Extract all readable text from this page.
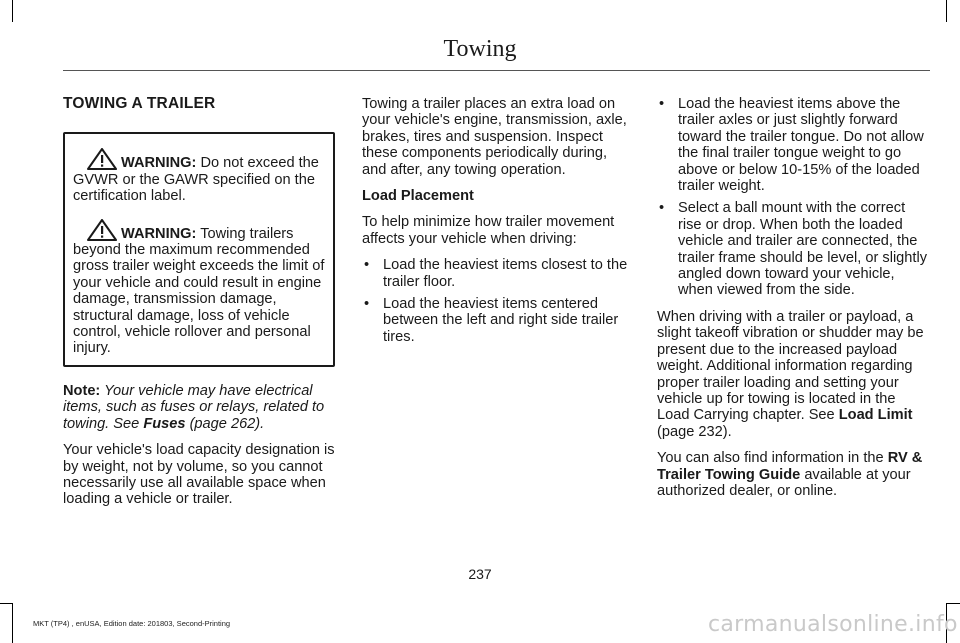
Towing
TOWING A TRAILER
WARNING: Do not exceed the GVWR or the GAWR specified on the certification label.
WARNING: Towing trailers beyond the maximum recommended gross trailer weight exceeds the limit of your vehicle and could result in engine damage, transmission damage, structural damage, loss of vehicle control, vehicle rollover and personal injury.

Note: Your vehicle may have electrical items, such as fuses or relays, related to towing. See Fuses (page 262).

Your vehicle's load capacity designation is by weight, not by volume, so you cannot necessarily use all available space when loading a vehicle or trailer.

Towing a trailer places an extra load on your vehicle's engine, transmission, axle, brakes, tires and suspension. Inspect these components periodically during, and after, any towing operation.

Load Placement

To help minimize how trailer movement affects your vehicle when driving:

• Load the heaviest items closest to the trailer floor.
• Load the heaviest items centered between the left and right side trailer tires.
• Load the heaviest items above the trailer axles or just slightly forward toward the trailer tongue. Do not allow the final trailer tongue weight to go above or below 10-15% of the loaded trailer weight.
• Select a ball mount with the correct rise or drop. When both the loaded vehicle and trailer are connected, the trailer frame should be level, or slightly angled down toward your vehicle, when viewed from the side.

When driving with a trailer or payload, a slight takeoff vibration or shudder may be present due to the increased payload weight. Additional information regarding proper trailer loading and setting your vehicle up for towing is located in the Load Carrying chapter. See Load Limit (page 232).

You can also find information in the RV & Trailer Towing Guide available at your authorized dealer, or online.

237
MKT (TP4) , enUSA, Edition date: 201803, Second-Printing	carmanualsonline.info
